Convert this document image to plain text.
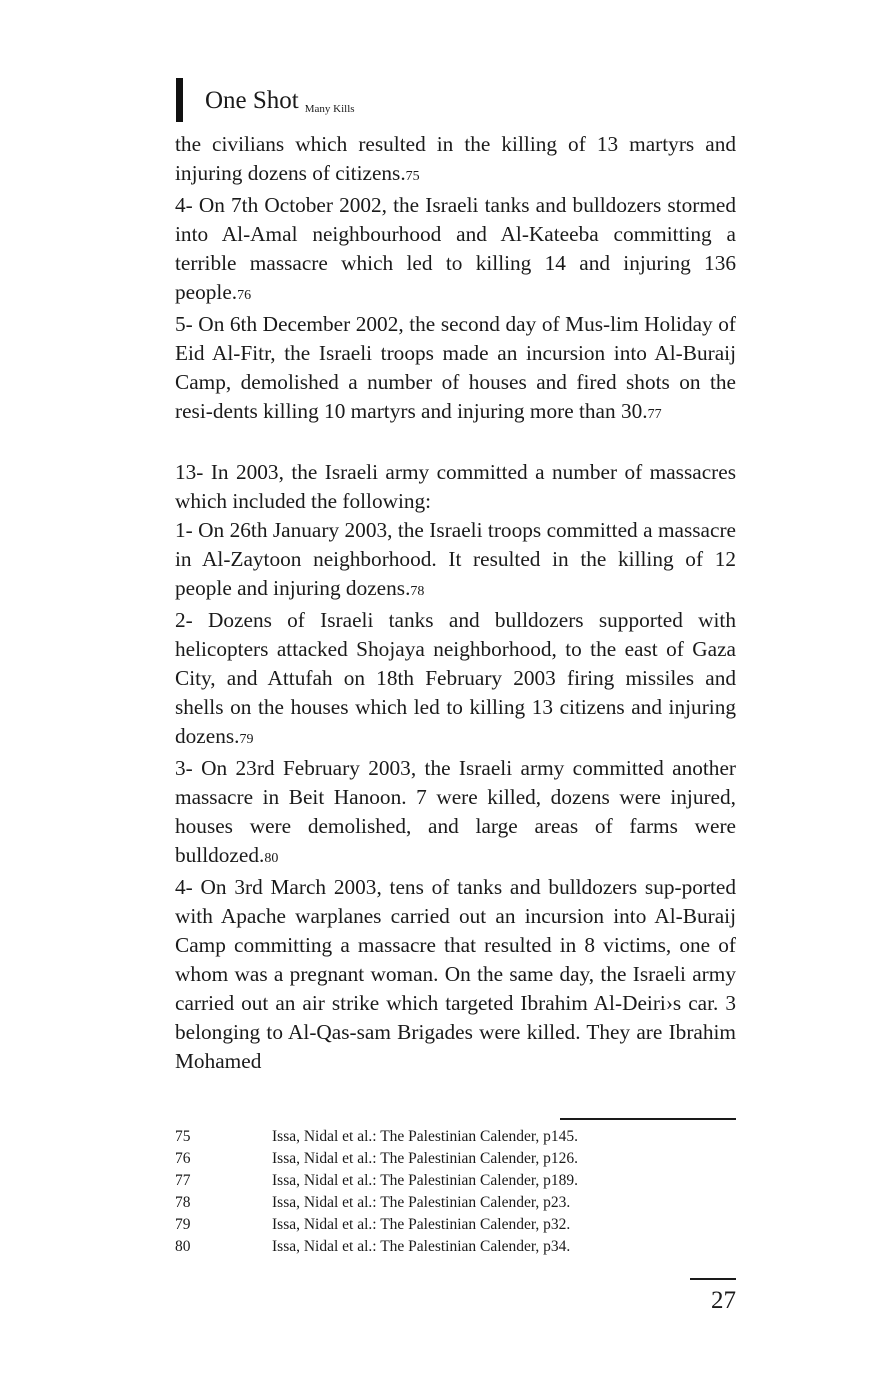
One Shot Many Kills

the civilians which resulted in the killing of 13 martyrs and injuring dozens of citizens.75

4- On 7th October 2002, the Israeli tanks and bulldozers stormed into Al-Amal neighbourhood and Al-Kateeba committing a terrible massacre which led to killing 14 and injuring 136 people.76

5- On 6th December 2002, the second day of Mus-lim Holiday of Eid Al-Fitr, the Israeli troops made an incursion into Al-Buraij Camp, demolished a number of houses and fired shots on the resi-dents killing 10 martyrs and injuring more than 30.77

13- In 2003, the Israeli army committed a number of massacres which included the following:

1- On 26th January 2003, the Israeli troops committed a massacre in Al-Zaytoon neighborhood. It resulted in the killing of 12 people and injuring dozens.78

2- Dozens of Israeli tanks and bulldozers supported with helicopters attacked Shojaya neighborhood, to the east of Gaza City, and Attufah on 18th February 2003 firing missiles and shells on the houses which led to killing 13 citizens and injuring dozens.79

3- On 23rd February 2003, the Israeli army committed another massacre in Beit Hanoon. 7 were killed, dozens were injured, houses were demolished, and large areas of farms were bulldozed.80

4- On 3rd March 2003, tens of tanks and bulldozers sup-ported with Apache warplanes carried out an incursion into Al-Buraij Camp committing a massacre that resulted in 8 victims, one of whom was a pregnant woman. On the same day, the Israeli army carried out an air strike which targeted Ibrahim Al-Deiri›s car. 3 belonging to Al-Qas-sam Brigades were killed. They are Ibrahim Mohamed

75	Issa, Nidal et al.: The Palestinian Calender, p145.
76	Issa, Nidal et al.: The Palestinian Calender, p126.
77	Issa, Nidal et al.: The Palestinian Calender, p189.
78	Issa, Nidal et al.: The Palestinian Calender, p23.
79	Issa, Nidal et al.: The Palestinian Calender, p32.
80	Issa, Nidal et al.: The Palestinian Calender, p34.
27
